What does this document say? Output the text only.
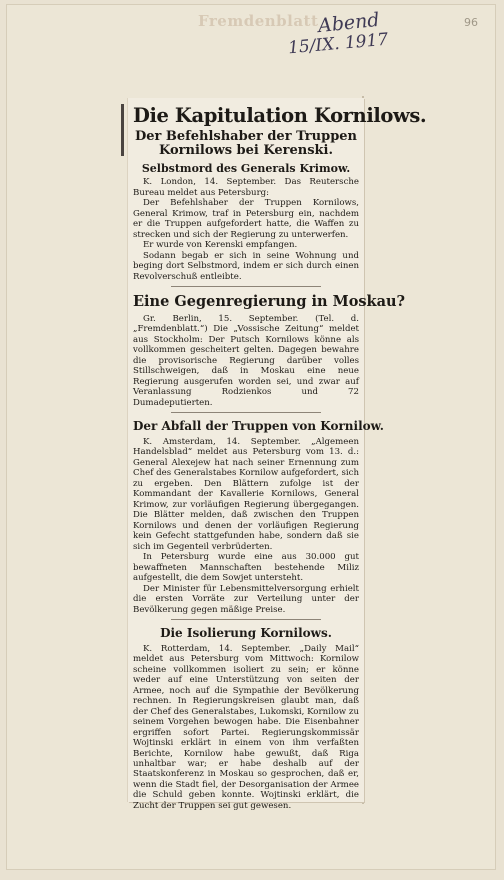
Fremdenblatt	96
Abend
15/IX. 1917
Die Kapitulation Kornilows.
Der Befehlshaber der Truppen Kornilows bei Kerenski.
Selbstmord des Generals Krimow.

K. London, 14. September. Das Reutersche Bureau meldet aus Petersburg:

Der Befehlshaber der Truppen Kornilows, General Krimow, traf in Petersburg ein, nachdem er die Truppen aufgefordert hatte, die Waffen zu strecken und sich der Regierung zu unterwerfen.

Er wurde von Kerenski empfangen.

Sodann begab er sich in seine Wohnung und beging dort Selbstmord, indem er sich durch einen Revolverschuß entleibte.

Eine Gegenregierung in Moskau?

Gr. Berlin, 15. September. (Tel. d. „Fremdenblatt.“) Die „Vossische Zeitung“ meldet aus Stockholm: Der Putsch Kornilows könne als vollkommen gescheitert gelten. Dagegen bewahre die provisorische Regierung darüber volles Stillschweigen, daß in Moskau eine neue Regierung ausgerufen worden sei, und zwar auf Veranlassung Rodzienkos und 72 Dumadeputierten.

Der Abfall der Truppen von Kornilow.

K. Amsterdam, 14. September. „Algemeen Handelsblad“ meldet aus Petersburg vom 13. d.: General Alexejew hat nach seiner Ernennung zum Chef des Generalstabes Kornilow aufgefordert, sich zu ergeben. Den Blättern zufolge ist der Kommandant der Kavallerie Kornilows, General Krimow, zur vorläufigen Regierung übergegangen. Die Blätter melden, daß zwischen den Truppen Kornilows und denen der vorläufigen Regierung kein Gefecht stattgefunden habe, sondern daß sie sich im Gegenteil verbrüderten.

In Petersburg wurde eine aus 30.000 gut bewaffneten Mannschaften bestehende Miliz aufgestellt, die dem Sowjet untersteht.

Der Minister für Lebensmittelversorgung erhielt die ersten Vorräte zur Verteilung unter der Bevölkerung gegen mäßige Preise.

Die Isolierung Kornilows.

K. Rotterdam, 14. September. „Daily Mail“ meldet aus Petersburg vom Mittwoch: Kornilow scheine vollkommen isoliert zu sein; er könne weder auf eine Unterstützung von seiten der Armee, noch auf die Sympathie der Bevölkerung rechnen. In Regierungskreisen glaubt man, daß der Chef des Generalstabes, Lukomski, Kornilow zu seinem Vorgehen bewogen habe. Die Eisenbahner ergriffen sofort Partei. Regierungskommissär Wojtinski erklärt in einem von ihm verfaßten Berichte, Kornilow habe gewußt, daß Riga unhaltbar war; er habe deshalb auf der Staatskonferenz in Moskau so gesprochen, daß er, wenn die Stadt fiel, der Desorganisation der Armee die Schuld geben konnte. Wojtinski erklärt, die Zucht der Truppen sei gut gewesen.
